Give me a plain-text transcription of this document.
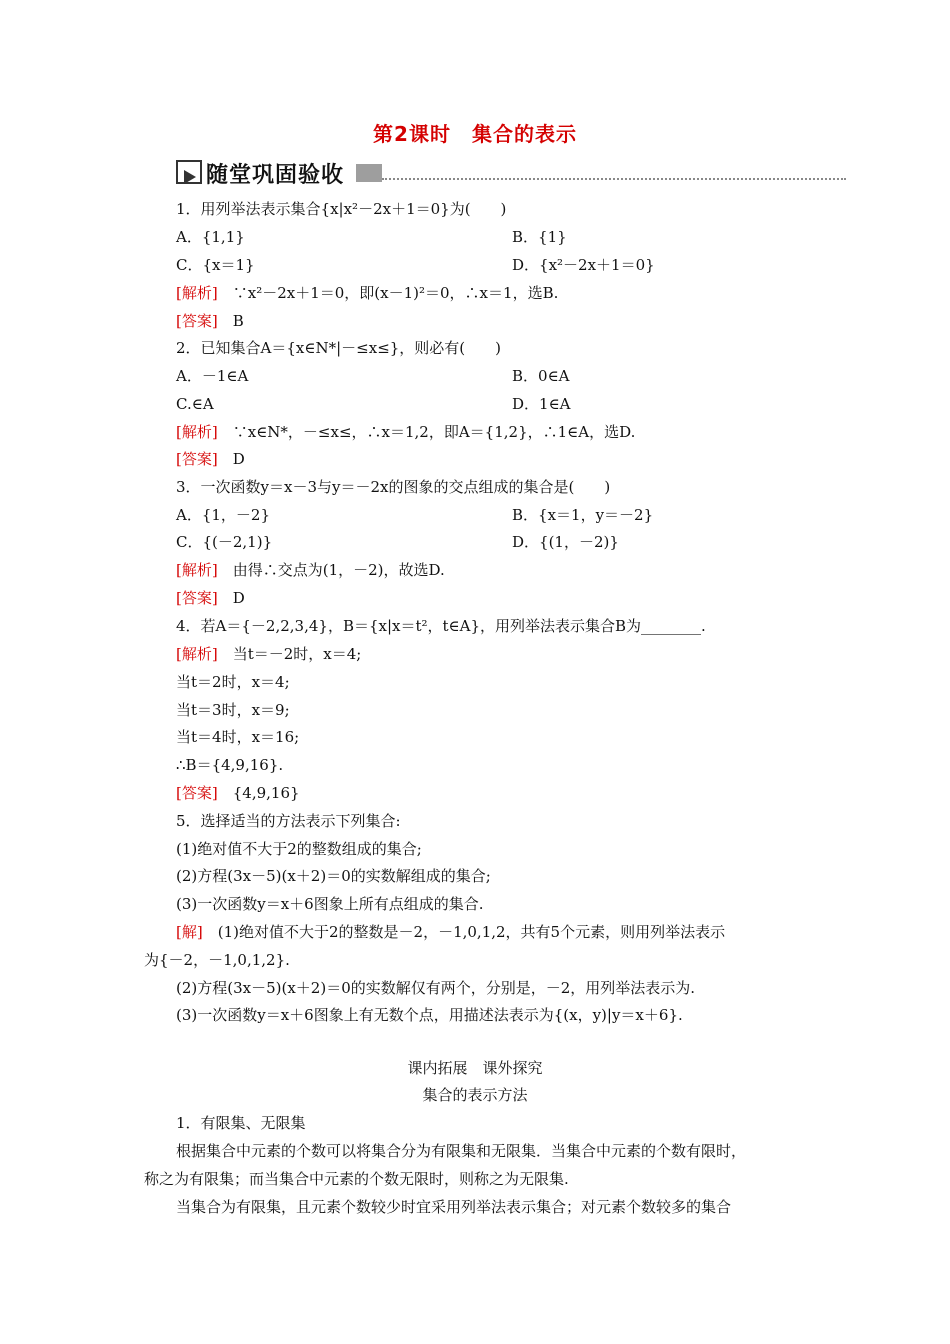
第2课时　集合的表示
随堂巩固验收
1．用列举法表示集合{x|x²－2x＋1＝0}为(　　)
A．{1,1}	B．{1}
C．{x＝1}	D．{x²－2x＋1＝0}
[解析]　 ∵x²－2x＋1＝0，即(x－1)²＝0，∴x＝1，选B.
[答案]　 B
2．已知集合A＝{x∈N*|－≤x≤}，则必有(　　)
A．－1∈A	B．0∈A
C.∈A	D．1∈A
[解析]　 ∵x∈N*，－≤x≤，∴x＝1,2，即A＝{1,2}，∴1∈A，选D.
[答案]　 D
3．一次函数y＝x－3与y＝－2x的图象的交点组成的集合是(　　)
A．{1，－2}	B．{x＝1，y＝－2}
C．{(－2,1)}	D．{(1，－2)}
[解析]　 由得∴交点为(1，－2)，故选D.
[答案]　 D
4．若A＝{－2,2,3,4}，B＝{x|x＝t²，t∈A}，用列举法表示集合B为________.
[解析]　 当t＝－2时，x＝4;
当t＝2时，x＝4;
当t＝3时，x＝9;
当t＝4时，x＝16;
∴B＝{4,9,16}.
[答案]　 {4,9,16}
5．选择适当的方法表示下列集合:
(1)绝对值不大于2的整数组成的集合;
(2)方程(3x－5)(x＋2)＝0的实数解组成的集合;
(3)一次函数y＝x＋6图象上所有点组成的集合.
[解]　 (1)绝对值不大于2的整数是－2，－1,0,1,2，共有5个元素，则用列举法表示
为{－2，－1,0,1,2}.
(2)方程(3x－5)(x＋2)＝0的实数解仅有两个，分别是，－2，用列举法表示为.
(3)一次函数y＝x＋6图象上有无数个点，用描述法表示为{(x，y)|y＝x＋6}.
课内拓展　课外探究
集合的表示方法
1．有限集、无限集
根据集合中元素的个数可以将集合分为有限集和无限集．当集合中元素的个数有限时，
称之为有限集；而当集合中元素的个数无限时，则称之为无限集.
当集合为有限集，且元素个数较少时宜采用列举法表示集合；对元素个数较多的集合
